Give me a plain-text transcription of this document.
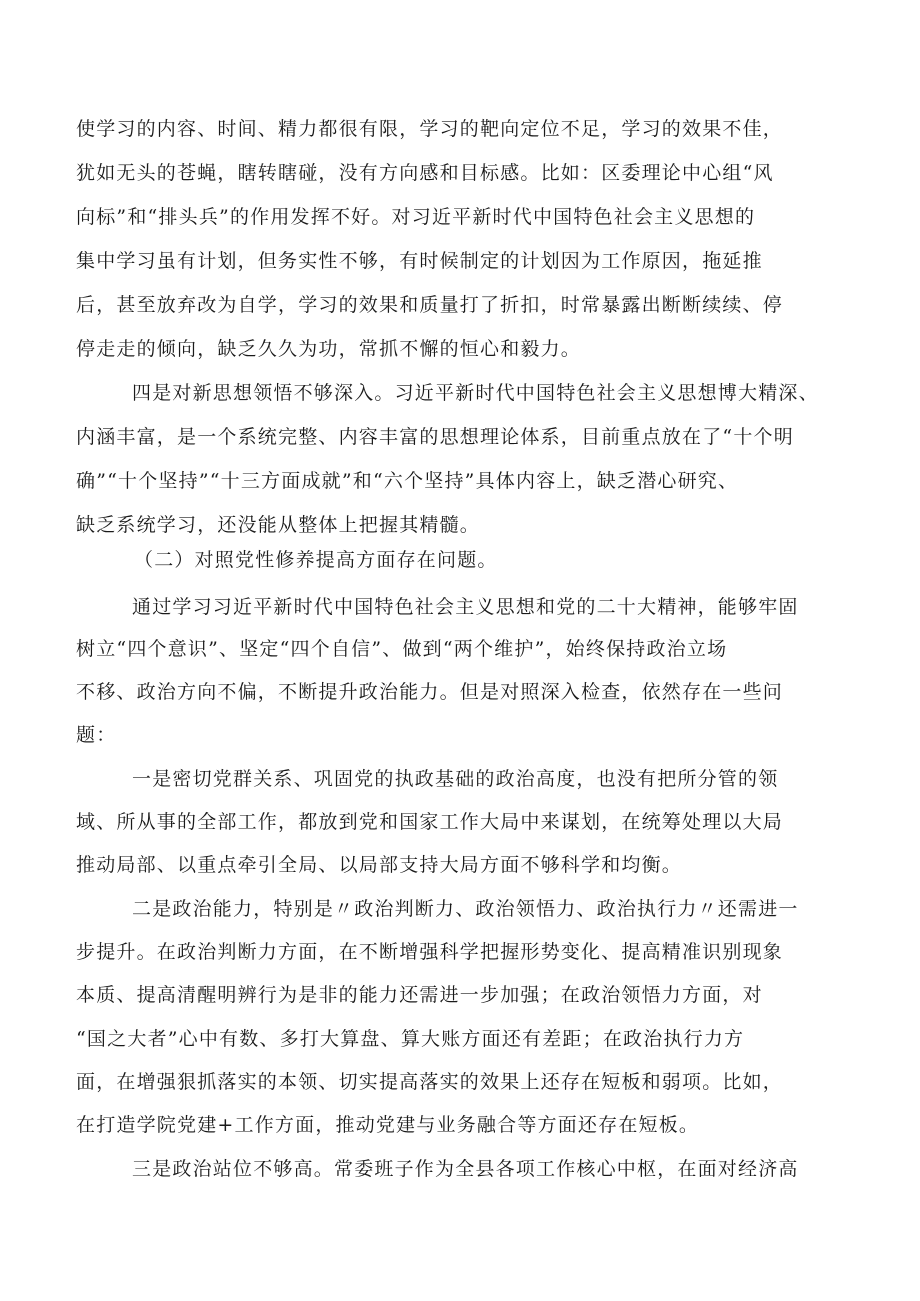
使学习的内容、时间、精力都很有限，学习的靶向定位不足，学习的效果不佳，

犹如无头的苍蝇，瞎转瞎碰，没有方向感和目标感。比如：区委理论中心组“风

向标”和“排头兵”的作用发挥不好。对习近平新时代中国特色社会主义思想的

集中学习虽有计划，但务实性不够，有时候制定的计划因为工作原因，拖延推

后，甚至放弃改为自学，学习的效果和质量打了折扣，时常暴露出断断续续、停

停走走的倾向，缺乏久久为功，常抓不懈的恒心和毅力。

四是对新思想领悟不够深入。习近平新时代中国特色社会主义思想博大精深、

内涵丰富，是一个系统完整、内容丰富的思想理论体系，目前重点放在了“十个明

确”“十个坚持”“十三方面成就”和“六个坚持”具体内容上，缺乏潜心研究、

缺乏系统学习，还没能从整体上把握其精髓。

（二）对照党性修养提高方面存在问题。

通过学习习近平新时代中国特色社会主义思想和党的二十大精神，能够牢固

树立“四个意识”、坚定“四个自信”、做到“两个维护”，始终保持政治立场

不移、政治方向不偏，不断提升政治能力。但是对照深入检查，依然存在一些问

题：

一是密切党群关系、巩固党的执政基础的政治高度，也没有把所分管的领

域、所从事的全部工作，都放到党和国家工作大局中来谋划，在统筹处理以大局

推动局部、以重点牵引全局、以局部支持大局方面不够科学和均衡。

二是政治能力，特别是〃政治判断力、政治领悟力、政治执行力〃还需进一

步提升。在政治判断力方面，在不断增强科学把握形势变化、提高精准识别现象

本质、提高清醒明辨行为是非的能力还需进一步加强；在政治领悟力方面，对

“国之大者”心中有数、多打大算盘、算大账方面还有差距；在政治执行力方

面，在增强狠抓落实的本领、切实提高落实的效果上还存在短板和弱项。比如，

在打造学院党建+工作方面，推动党建与业务融合等方面还存在短板。

三是政治站位不够高。常委班子作为全县各项工作核心中枢，在面对经济高
